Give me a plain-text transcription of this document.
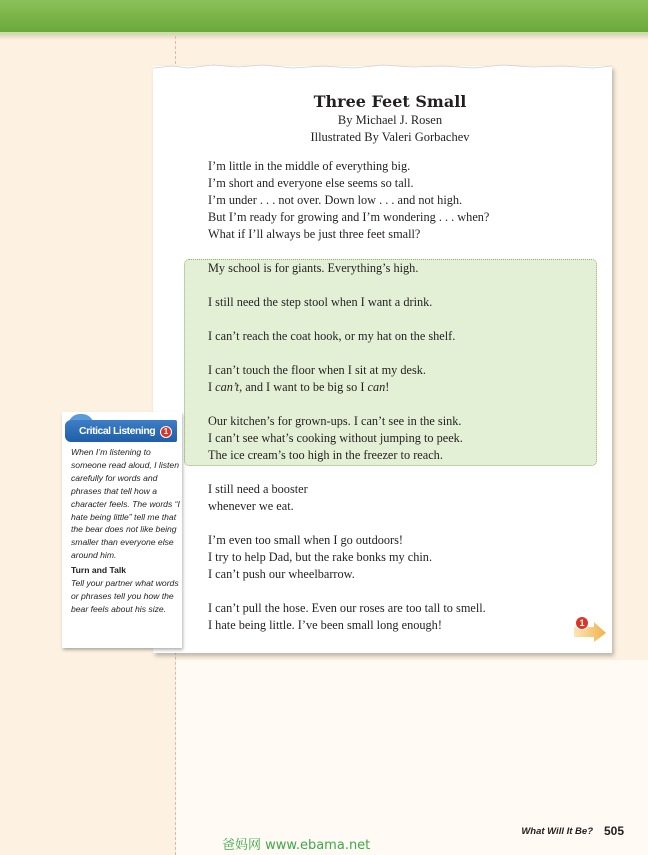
Three Feet Small
By Michael J. Rosen
Illustrated By Valeri Gorbachev
I’m little in the middle of everything big.
I’m short and everyone else seems so tall.
I’m under . . . not over. Down low . . . and not high.
But I’m ready for growing and I’m wondering . . . when?
What if I’ll always be just three feet small?
My school is for giants. Everything’s high.
I still need the step stool when I want a drink.
I can’t reach the coat hook, or my hat on the shelf.
I can’t touch the floor when I sit at my desk.
I can’t, and I want to be big so I can!
Our kitchen’s for grown-ups. I can’t see in the sink.
I can’t see what’s cooking without jumping to peek.
The ice cream’s too high in the freezer to reach.
I still need a booster
whenever we eat.
I’m even too small when I go outdoors!
I try to help Dad, but the rake bonks my chin.
I can’t push our wheelbarrow.
I can’t pull the hose. Even our roses are too tall to smell.
I hate being little. I’ve been small long enough!	1
Critical Listening	1
When I’m listening to someone read aloud, I listen carefully for words and phrases that tell how a character feels. The words “I hate being little” tell me that the bear does not like being smaller than everyone else around him.
Turn and Talk
Tell your partner what words or phrases tell you how the bear feels about his size.
爸妈网 www.ebama.net
What Will It Be? 505
